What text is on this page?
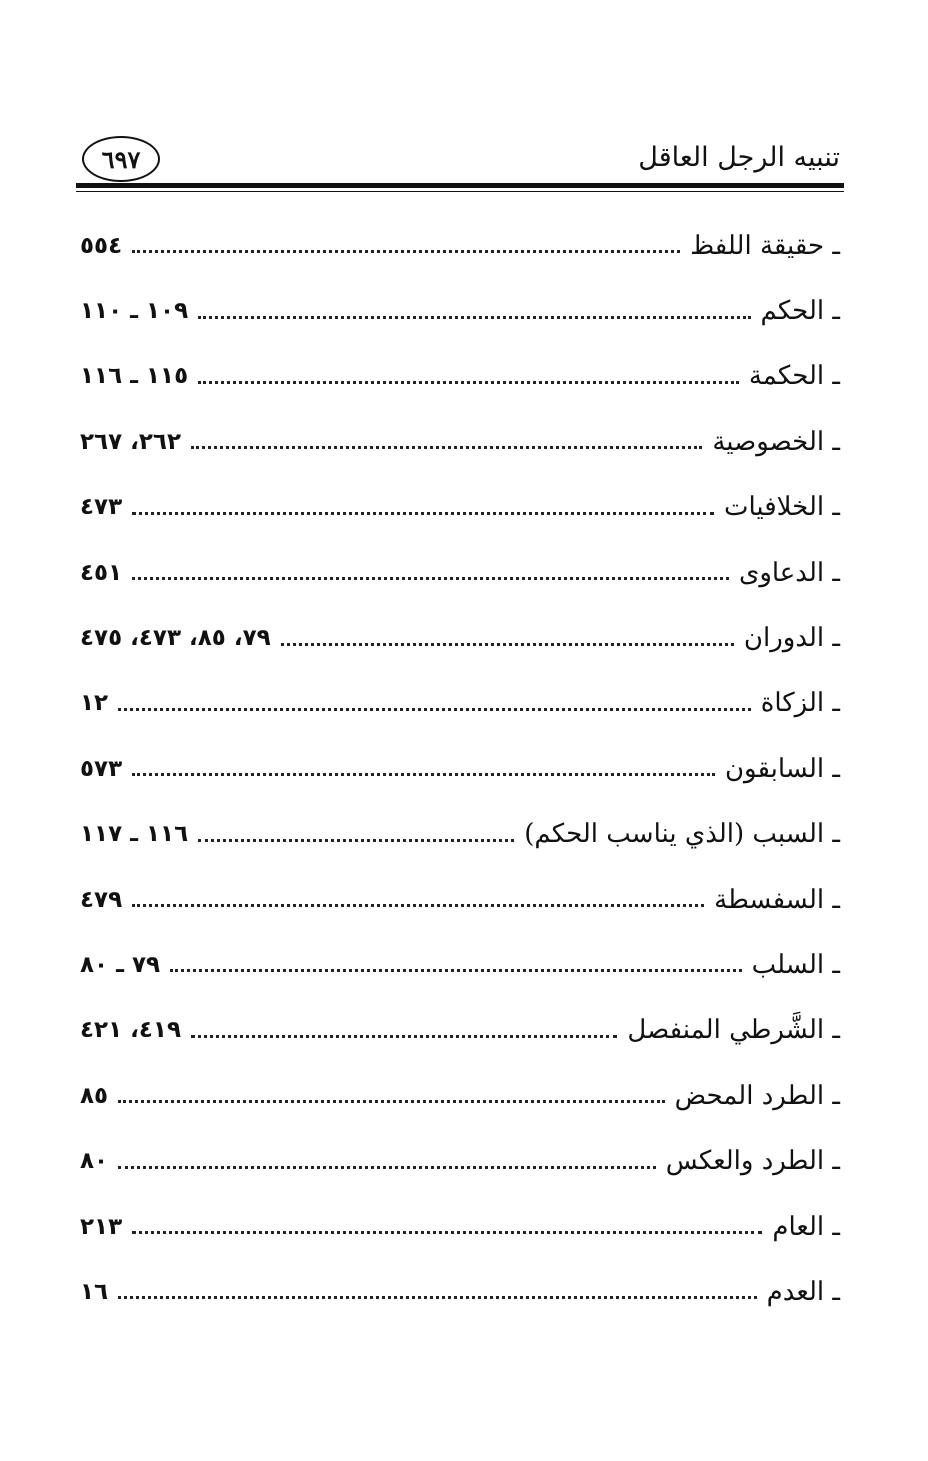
تنبيه الرجل العاقل
٦٩٧
ـ حقيقة اللفظ
٥٥٤
ـ الحكم
١٠٩ ـ ١١٠
ـ الحكمة
١١٥ ـ ١١٦
ـ الخصوصية
٢٦٢، ٢٦٧
ـ الخلافيات
٤٧٣
ـ الدعاوى
٤٥١
ـ الدوران
٧٩، ٨٥، ٤٧٣، ٤٧٥
ـ الزكاة
١٢
ـ السابقون
٥٧٣
ـ السبب (الذي يناسب الحكم)
١١٦ ـ ١١٧
ـ السفسطة
٤٧٩
ـ السلب
٧٩ ـ ٨٠
ـ الشَّرطي المنفصل
٤١٩، ٤٢١
ـ الطرد المحض
٨٥
ـ الطرد والعكس
٨٠
ـ العام
٢١٣
ـ العدم
١٦
